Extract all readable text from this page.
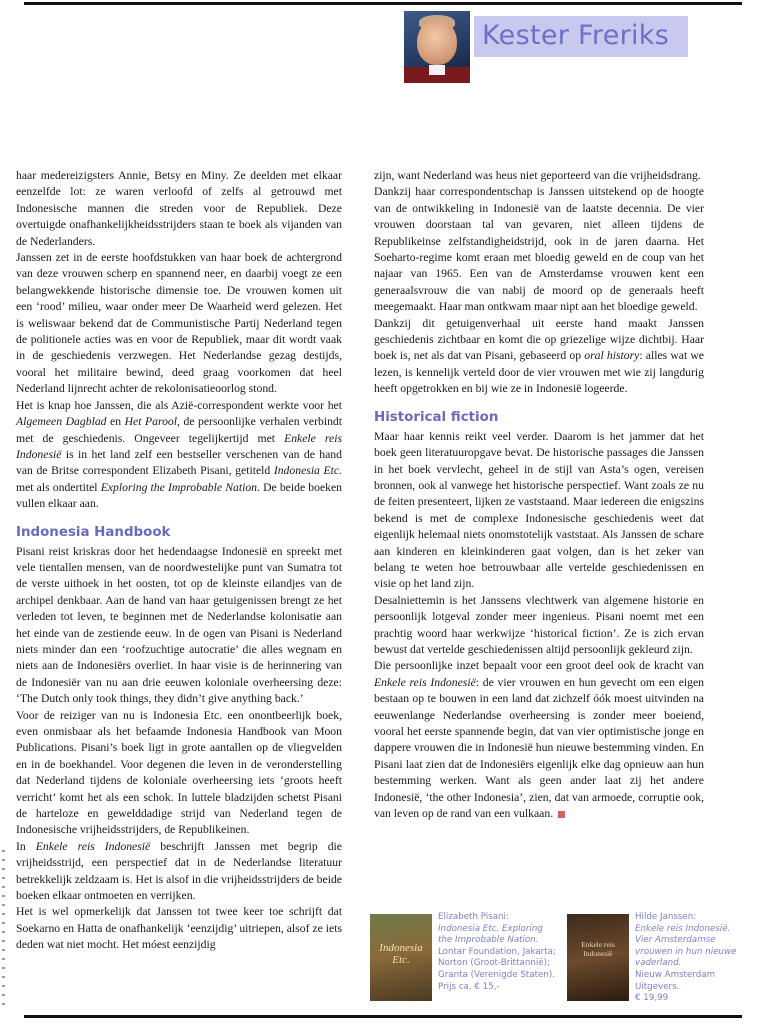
Kester Freriks

haar medereizigsters Annie, Betsy en Miny. Ze deelden met elkaar eenzelfde lot: ze waren verloofd of zelfs al getrouwd met Indonesische mannen die streden voor de Republiek. Deze overtuigde onafhankelijkheidsstrijders staan te boek als vijanden van de Nederlanders.

Janssen zet in de eerste hoofdstukken van haar boek de achtergrond van deze vrouwen scherp en spannend neer, en daarbij voegt ze een belangwekkende historische dimensie toe. De vrouwen komen uit een ‘rood’ milieu, waar onder meer De Waarheid werd gelezen. Het is weliswaar bekend dat de Communistische Partij Nederland tegen de politionele acties was en voor de Republiek, maar dit wordt vaak in de geschiedenis verzwegen. Het Nederlandse gezag destijds, vooral het militaire bewind, deed graag voorkomen dat heel Nederland lijnrecht achter de rekolonisatieoorlog stond.

Het is knap hoe Janssen, die als Azië-correspondent werkte voor het Algemeen Dagblad en Het Parool, de persoonlijke verhalen verbindt met de geschiedenis. Ongeveer tegelijkertijd met Enkele reis Indonesië is in het land zelf een bestseller verschenen van de hand van de Britse correspondent Elizabeth Pisani, getiteld Indonesia Etc. met als ondertitel Exploring the Improbable Nation. De beide boeken vullen elkaar aan.

Indonesia Handbook

Pisani reist kriskras door het hedendaagse Indonesië en spreekt met vele tientallen mensen, van de noordwestelijke punt van Sumatra tot de verste uithoek in het oosten, tot op de kleinste eilandjes van de archipel denkbaar. Aan de hand van haar getuigenissen brengt ze het verleden tot leven, te beginnen met de Nederlandse kolonisatie aan het einde van de zestiende eeuw. In de ogen van Pisani is Nederland niets minder dan een ‘roofzuchtige autocratie’ die alles wegnam en niets aan de Indonesiërs overliet. In haar visie is de herinnering van de Indonesiër van nu aan drie eeuwen koloniale overheersing deze: ‘The Dutch only took things, they didn’t give anything back.’

Voor de reiziger van nu is Indonesia Etc. een onontbeerlijk boek, even onmisbaar als het befaamde Indonesia Handbook van Moon Publications. Pisani’s boek ligt in grote aantallen op de vliegvelden en in de boekhandel. Voor degenen die leven in de veronderstelling dat Nederland tijdens de koloniale overheersing iets ‘groots heeft verricht’ komt het als een schok. In luttele bladzijden schetst Pisani de harteloze en gewelddadige strijd van Nederland tegen de Indonesische vrijheidsstrijders, de Republikeinen.

In Enkele reis Indonesië beschrijft Janssen met begrip die vrijheidsstrijd, een perspectief dat in de Nederlandse literatuur betrekkelijk zeldzaam is. Het is alsof in die vrijheidsstrijders de beide boeken elkaar ontmoeten en verrijken.

Het is wel opmerkelijk dat Janssen tot twee keer toe schrijft dat Soekarno en Hatta de onafhankelijk ‘eenzijdig’ uitriepen, alsof ze iets deden wat niet mocht. Het móest eenzijdig

zijn, want Nederland was heus niet geporteerd van die vrijheidsdrang.

Dankzij haar correspondentschap is Janssen uitstekend op de hoogte van de ontwikkeling in Indonesië van de laatste decennia. De vier vrouwen doorstaan tal van gevaren, niet alleen tijdens de Republikeinse zelfstandigheidstrijd, ook in de jaren daarna. Het Soeharto-regime komt eraan met bloedig geweld en de coup van het najaar van 1965. Een van de Amsterdamse vrouwen kent een generaalsvrouw die van nabij de moord op de generaals heeft meegemaakt. Haar man ontkwam maar nipt aan het bloedige geweld.

Dankzij dit getuigenverhaal uit eerste hand maakt Janssen geschiedenis zichtbaar en komt die op griezelige wijze dichtbij. Haar boek is, net als dat van Pisani, gebaseerd op oral history: alles wat we lezen, is kennelijk verteld door de vier vrouwen met wie zij langdurig heeft opgetrokken en bij wie ze in Indonesië logeerde.

Historical fiction

Maar haar kennis reikt veel verder. Daarom is het jammer dat het boek geen literatuuropgave bevat. De historische passages die Janssen in het boek vervlecht, geheel in de stijl van Asta’s ogen, vereisen bronnen, ook al vanwege het historische perspectief. Want zoals ze nu de feiten presenteert, lijken ze vaststaand. Maar iedereen die enigszins bekend is met de complexe Indonesische geschiedenis weet dat eigenlijk helemaal niets onomstotelijk vaststaat. Als Janssen de schare aan kinderen en kleinkinderen gaat volgen, dan is het zeker van belang te weten hoe betrouwbaar alle vertelde geschiedenissen en visie op het land zijn.

Desalniettemin is het Janssens vlechtwerk van algemene historie en persoonlijk lotgeval zonder meer ingenieus. Pisani noemt met een prachtig woord haar werkwijze ‘historical fiction’. Ze is zich ervan bewust dat vertelde geschiedenissen altijd persoonlijk gekleurd zijn.

Die persoonlijke inzet bepaalt voor een groot deel ook de kracht van Enkele reis Indonesië: de vier vrouwen en hun gevecht om een eigen bestaan op te bouwen in een land dat zichzelf óók moest uitvinden na eeuwenlange Nederlandse overheersing is zonder meer boeiend, vooral het eerste spannende begin, dat van vier optimistische jonge en dappere vrouwen die in Indonesië hun nieuwe bestemming vinden. En Pisani laat zien dat de Indonesiërs eigenlijk elke dag opnieuw aan hun bestemming werken. Want als geen ander laat zij het andere Indonesië, ‘the other Indonesia’, zien, dat van armoede, corruptie ook, van leven op de rand van een vulkaan.

Indonesia Etc.
Elizabeth Pisani:
Indonesia Etc. Exploring the Improbable Nation.
Lontar Foundation, Jakarta; Norton (Groot-Brittannië); Granta (Verenigde Staten).
Prijs ca. € 15,-
Enkele reis Indonesië
Hilde Janssen:
Enkele reis Indonesië. Vier Amsterdamse vrouwen in hun nieuwe vaderland.
Nieuw Amsterdam Uitgevers.
€ 19,99
